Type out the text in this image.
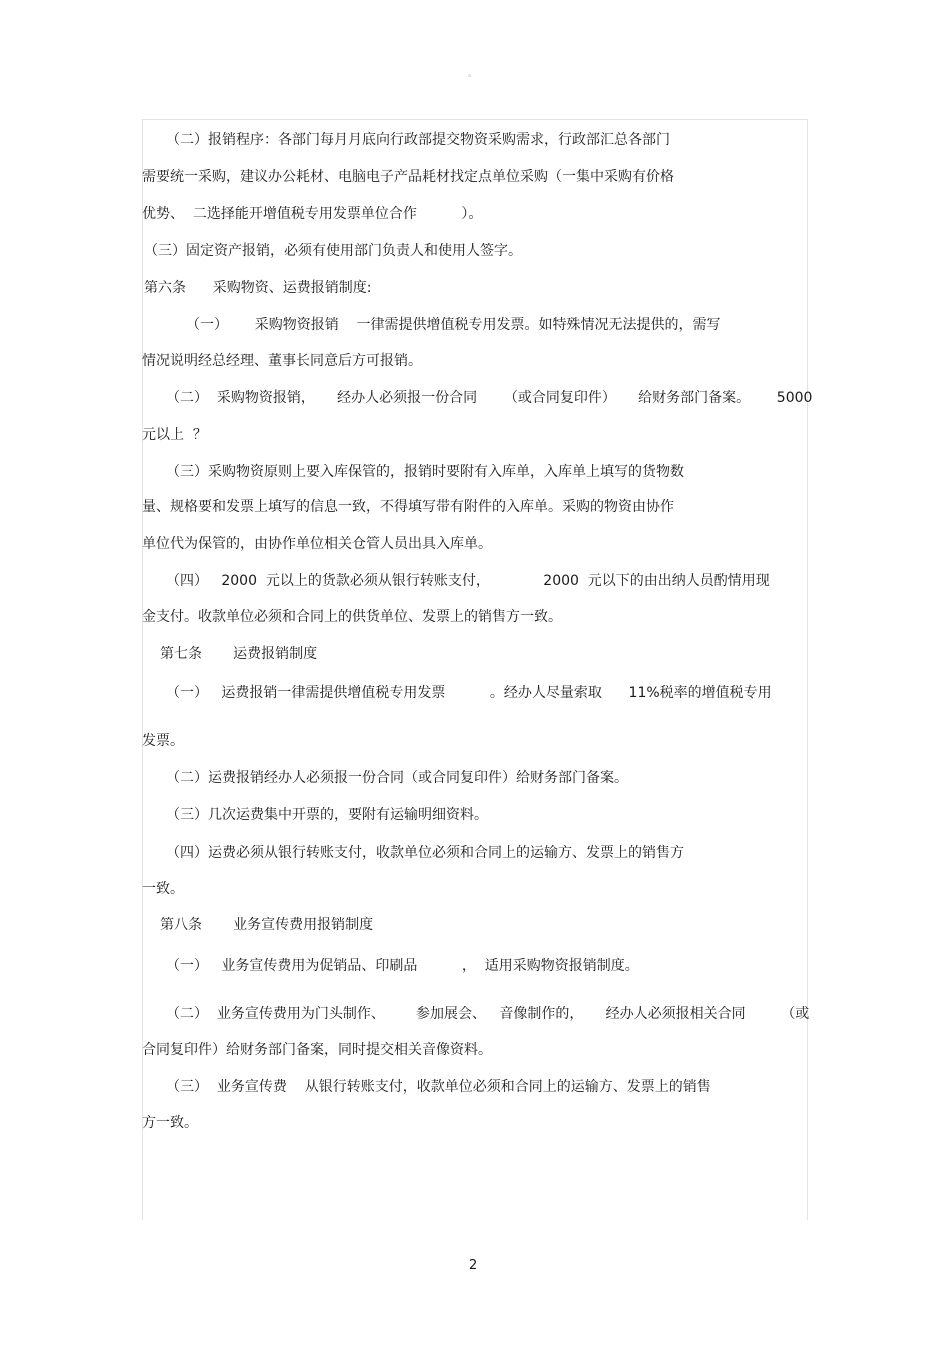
。
（二）报销程序：各部门每月月底向行政部提交物资采购需求，行政部汇总各部门
需要统一采购，建议办公耗材、电脑电子产品耗材找定点单位采购（一集中采购有价格
优势、  二选择能开增值税专用发票单位合作          ）。
（三）固定资产报销，必须有使用部门负责人和使用人签字。
第六条      采购物资、运费报销制度:
（一）      采购物资报销    一律需提供增值税专用发票。如特殊情况无法提供的，需写
情况说明经总经理、董事长同意后方可报销。
（二）  采购物资报销，     经办人必须报一份合同      （或合同复印件）     给财务部门备案。      5000
元以上  ？
（三）采购物资原则上要入库保管的，报销时要附有入库单，入库单上填写的货物数
量、规格要和发票上填写的信息一致，不得填写带有附件的入库单。采购的物资由协作
单位代为保管的，由协作单位相关仓管人员出具入库单。
（四）   2000  元以上的货款必须从银行转账支付，            2000  元以下的由出纳人员酌情用现
金支付。收款单位必须和合同上的供货单位、发票上的销售方一致。
第七条       运费报销制度
（一）   运费报销一律需提供增值税专用发票          。经办人尽量索取      11%税率的增值税专用
发票。
（二）运费报销经办人必须报一份合同（或合同复印件）给财务部门备案。
（三）几次运费集中开票的，要附有运输明细资料。
（四）运费必须从银行转账支付，收款单位必须和合同上的运输方、发票上的销售方
一致。
第八条       业务宣传费用报销制度
（一）   业务宣传费用为促销品、印刷品          ，  适用采购物资报销制度。
（二）  业务宣传费用为门头制作、       参加展会、   音像制作的，     经办人必须报相关合同        （或
合同复印件）给财务部门备案，同时提交相关音像资料。
（三）  业务宣传费    从银行转账支付，收款单位必须和合同上的运输方、发票上的销售
方一致。
2
